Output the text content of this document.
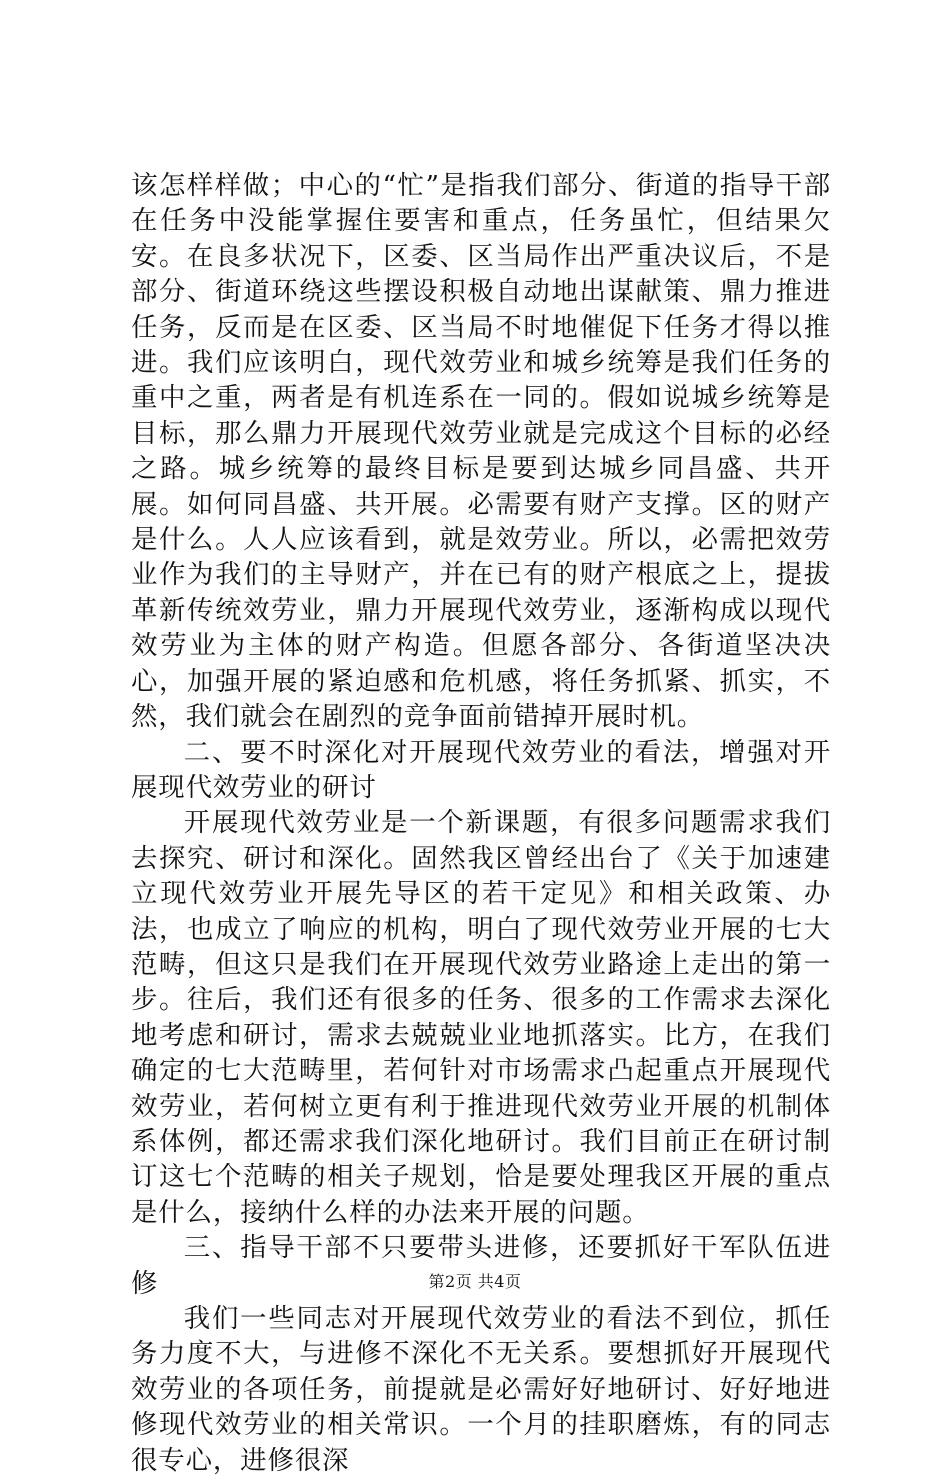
该怎样样做；中心的“忙”是指我们部分、街道的指导干部在任务中没能掌握住要害和重点，任务虽忙，但结果欠安。在良多状况下，区委、区当局作出严重决议后，不是部分、街道环绕这些摆设积极自动地出谋献策、鼎力推进任务，反而是在区委、区当局不时地催促下任务才得以推进。我们应该明白，现代效劳业和城乡统筹是我们任务的重中之重，两者是有机连系在一同的。假如说城乡统筹是目标，那么鼎力开展现代效劳业就是完成这个目标的必经之路。城乡统筹的最终目标是要到达城乡同昌盛、共开展。如何同昌盛、共开展。必需要有财产支撑。区的财产是什么。人人应该看到，就是效劳业。所以，必需把效劳业作为我们的主导财产，并在已有的财产根底之上，提拔革新传统效劳业，鼎力开展现代效劳业，逐渐构成以现代效劳业为主体的财产构造。但愿各部分、各街道坚决决心，加强开展的紧迫感和危机感，将任务抓紧、抓实，不然，我们就会在剧烈的竞争面前错掉开展时机。

二、要不时深化对开展现代效劳业的看法，增强对开展现代效劳业的研讨

开展现代效劳业是一个新课题，有很多问题需求我们去探究、研讨和深化。固然我区曾经出台了《关于加速建立现代效劳业开展先导区的若干定见》和相关政策、办法，也成立了响应的机构，明白了现代效劳业开展的七大范畴，但这只是我们在开展现代效劳业路途上走出的第一步。往后，我们还有很多的任务、很多的工作需求去深化地考虑和研讨，需求去兢兢业业地抓落实。比方，在我们确定的七大范畴里，若何针对市场需求凸起重点开展现代效劳业，若何树立更有利于推进现代效劳业开展的机制体系体例，都还需求我们深化地研讨。我们目前正在研讨制订这七个范畴的相关子规划，恰是要处理我区开展的重点是什么，接纳什么样的办法来开展的问题。

三、指导干部不只要带头进修，还要抓好干军队伍进修

我们一些同志对开展现代效劳业的看法不到位，抓任务力度不大，与进修不深化不无关系。要想抓好开展现代效劳业的各项任务，前提就是必需好好地研讨、好好地进修现代效劳业的相关常识。一个月的挂职磨炼，有的同志很专心，进修很深

第2页 共4页
